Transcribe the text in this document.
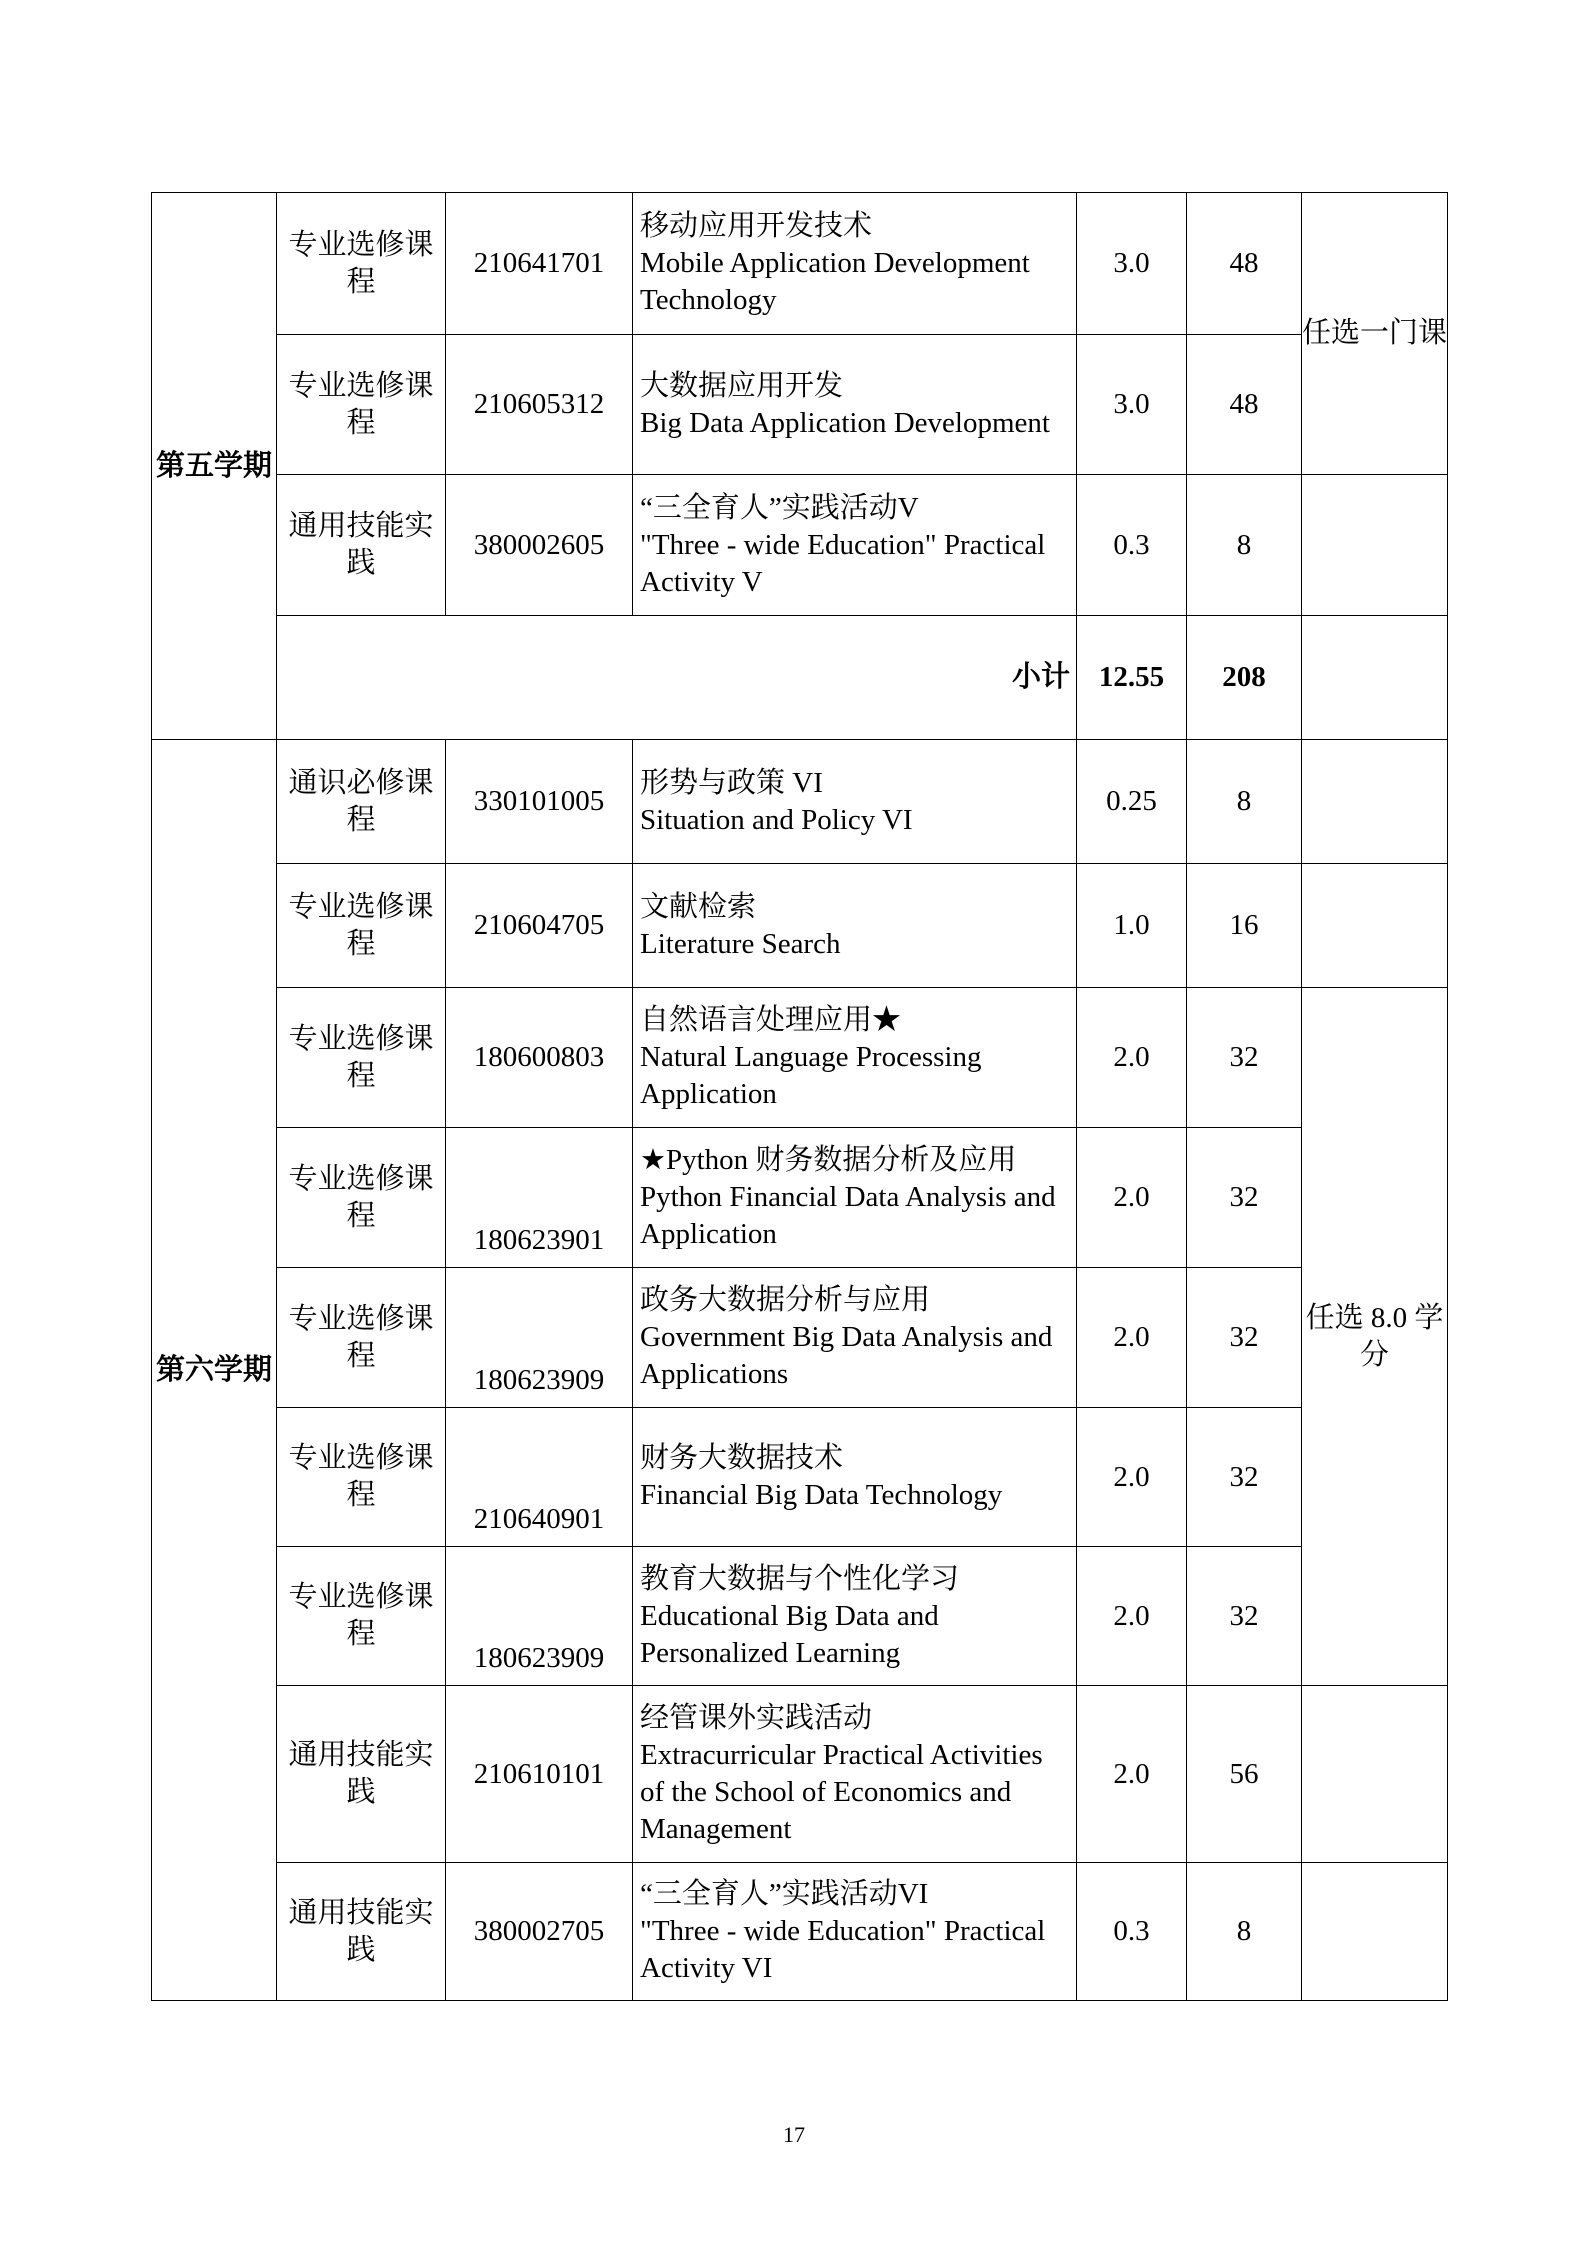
第五学期	专业选修课程	210641701	移动应用开发技术
Mobile Application Development Technology	3.0	48	任选一门课
	专业选修课程	210605312	大数据应用开发
Big Data Application Development	3.0	48	
	通用技能实践	380002605	“三全育人”实践活动V
"Three - wide Education" Practical Activity V	0.3	8	
	小计			12.55	208	
第六学期	通识必修课程	330101005	形势与政策 VI
Situation and Policy VI	0.25	8	
	专业选修课程	210604705	文献检索
Literature Search	1.0	16	
	专业选修课程	180600803	自然语言处理应用★
Natural Language Processing Application	2.0	32	任选 8.0 学分
	专业选修课程	180623901	★Python 财务数据分析及应用
Python Financial Data Analysis and Application	2.0	32	
	专业选修课程	180623909	政务大数据分析与应用
Government Big Data Analysis and Applications	2.0	32	
	专业选修课程	210640901	财务大数据技术
Financial Big Data Technology	2.0	32	
	专业选修课程	180623909	教育大数据与个性化学习
Educational Big Data and Personalized Learning	2.0	32	
	通用技能实践	210610101	经管课外实践活动
Extracurricular Practical Activities of the School of Economics and Management	2.0	56	
	通用技能实践	380002705	“三全育人”实践活动VI
"Three - wide Education" Practical Activity VI	0.3	8	
17
